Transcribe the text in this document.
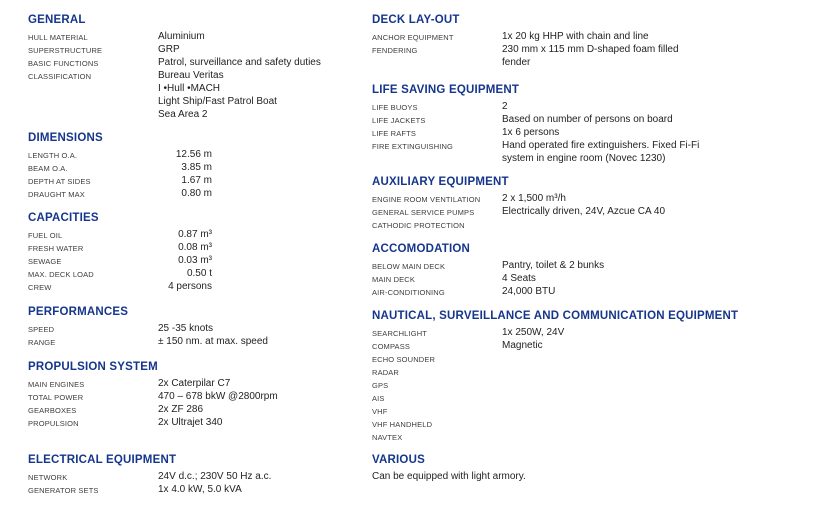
GENERAL
HULL MATERIAL	Aluminium
SUPERSTRUCTURE	GRP
BASIC FUNCTIONS	Patrol, surveillance and safety duties
CLASSIFICATION	Bureau Veritas
I •Hull •MACH
Light Ship/Fast Patrol Boat
Sea Area 2
DIMENSIONS
LENGTH O.A.	12.56 m
BEAM O.A.	3.85 m
DEPTH AT SIDES	1.67 m
DRAUGHT MAX	0.80 m
CAPACITIES
FUEL OIL	0.87 m³
FRESH WATER	0.08 m³
SEWAGE	0.03 m³
MAX. DECK LOAD	0.50 t
CREW	4 persons
PERFORMANCES
SPEED	25 -35 knots
RANGE	± 150 nm. at max. speed
PROPULSION SYSTEM
MAIN ENGINES	2x Caterpilar C7
TOTAL POWER	470 – 678 bkW @2800rpm
GEARBOXES	2x ZF 286
PROPULSION	2x Ultrajet 340
ELECTRICAL EQUIPMENT
NETWORK	24V d.c.; 230V 50 Hz a.c.
GENERATOR SETS	1x 4.0 kW, 5.0 kVA
DECK LAY-OUT
ANCHOR EQUIPMENT	1x 20 kg HHP with chain and line
FENDERING	230 mm x 115 mm D-shaped foam filled
fender
LIFE SAVING EQUIPMENT
LIFE BUOYS	2
LIFE JACKETS	Based on number of persons on board
LIFE RAFTS	1x 6 persons
FIRE EXTINGUISHING	Hand operated fire extinguishers. Fixed Fi-Fi
system in engine room (Novec 1230)
AUXILIARY EQUIPMENT
ENGINE ROOM VENTILATION	2 x 1,500 m³/h
GENERAL SERVICE PUMPS	Electrically driven, 24V, Azcue CA 40
CATHODIC PROTECTION
ACCOMODATION
BELOW MAIN DECK	Pantry, toilet & 2 bunks
MAIN DECK	4 Seats
AIR-CONDITIONING	24,000 BTU
NAUTICAL, SURVEILLANCE AND COMMUNICATION EQUIPMENT
SEARCHLIGHT	1x 250W, 24V
COMPASS	Magnetic
ECHO SOUNDER
RADAR
GPS
AIS
VHF
VHF HANDHELD
NAVTEX
VARIOUS
Can be equipped with light armory.
